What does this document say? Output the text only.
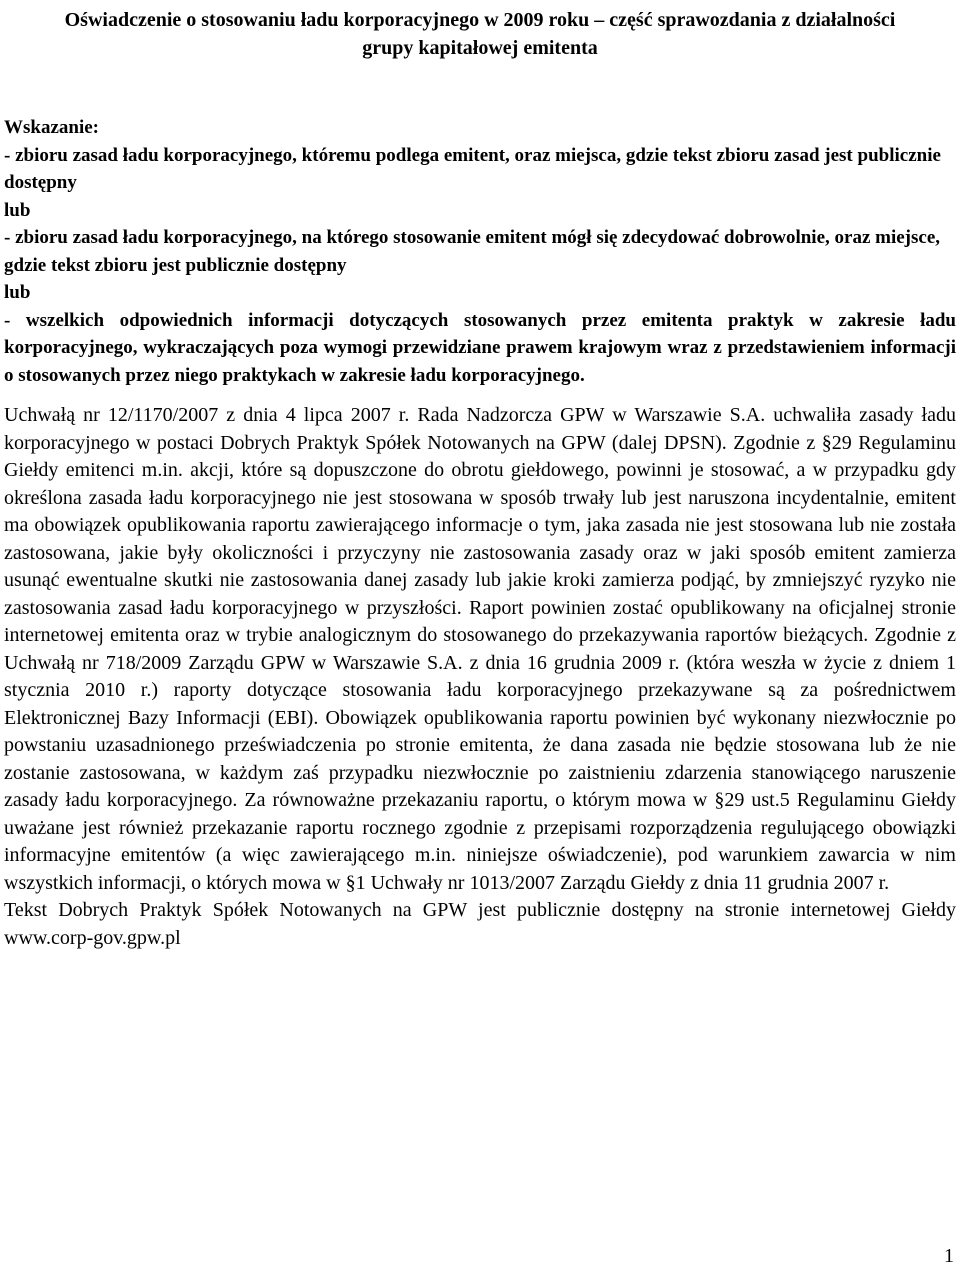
Oświadczenie o stosowaniu ładu korporacyjnego w 2009 roku – część sprawozdania z działalności grupy kapitałowej emitenta

Wskazanie:

- zbioru zasad ładu korporacyjnego, któremu podlega emitent, oraz miejsca, gdzie tekst zbioru zasad jest publicznie dostępny

lub

- zbioru zasad ładu korporacyjnego, na którego stosowanie emitent mógł się zdecydować dobrowolnie, oraz miejsce, gdzie tekst zbioru jest publicznie dostępny

lub

- wszelkich odpowiednich informacji dotyczących stosowanych przez emitenta praktyk w zakresie ładu korporacyjnego, wykraczających poza wymogi przewidziane prawem krajowym wraz z przedstawieniem informacji o stosowanych przez niego praktykach w zakresie ładu korporacyjnego.

Uchwałą nr 12/1170/2007 z dnia 4 lipca 2007 r. Rada Nadzorcza GPW w Warszawie S.A. uchwaliła zasady ładu korporacyjnego w postaci Dobrych Praktyk Spółek Notowanych na GPW (dalej DPSN). Zgodnie z §29 Regulaminu Giełdy emitenci m.in. akcji, które są dopuszczone do obrotu giełdowego, powinni je stosować, a w przypadku gdy określona zasada ładu korporacyjnego nie jest stosowana w sposób trwały lub jest naruszona incydentalnie, emitent ma obowiązek opublikowania raportu zawierającego informacje o tym, jaka zasada nie jest stosowana lub nie została zastosowana, jakie były okoliczności i przyczyny nie zastosowania zasady oraz w jaki sposób emitent zamierza usunąć ewentualne skutki nie zastosowania danej zasady lub jakie kroki zamierza podjąć, by zmniejszyć ryzyko nie zastosowania zasad ładu korporacyjnego w przyszłości. Raport powinien zostać opublikowany na oficjalnej stronie internetowej emitenta oraz w trybie analogicznym do stosowanego do przekazywania raportów bieżących. Zgodnie z Uchwałą nr 718/2009 Zarządu GPW w Warszawie S.A. z dnia 16 grudnia 2009 r. (która weszła w życie z dniem 1 stycznia 2010 r.) raporty dotyczące stosowania ładu korporacyjnego przekazywane są za pośrednictwem Elektronicznej Bazy Informacji (EBI). Obowiązek opublikowania raportu powinien być wykonany niezwłocznie po powstaniu uzasadnionego przeświadczenia po stronie emitenta, że dana zasada nie będzie stosowana lub że nie zostanie zastosowana, w każdym zaś przypadku niezwłocznie po zaistnieniu zdarzenia stanowiącego naruszenie zasady ładu korporacyjnego. Za równoważne przekazaniu raportu, o którym mowa w §29 ust.5 Regulaminu Giełdy uważane jest również przekazanie raportu rocznego zgodnie z przepisami rozporządzenia regulującego obowiązki informacyjne emitentów (a więc zawierającego m.in. niniejsze oświadczenie), pod warunkiem zawarcia w nim wszystkich informacji, o których mowa w §1 Uchwały nr 1013/2007 Zarządu Giełdy z dnia 11 grudnia 2007 r.

Tekst Dobrych Praktyk Spółek Notowanych na GPW jest publicznie dostępny na stronie internetowej Giełdy www.corp-gov.gpw.pl

1
